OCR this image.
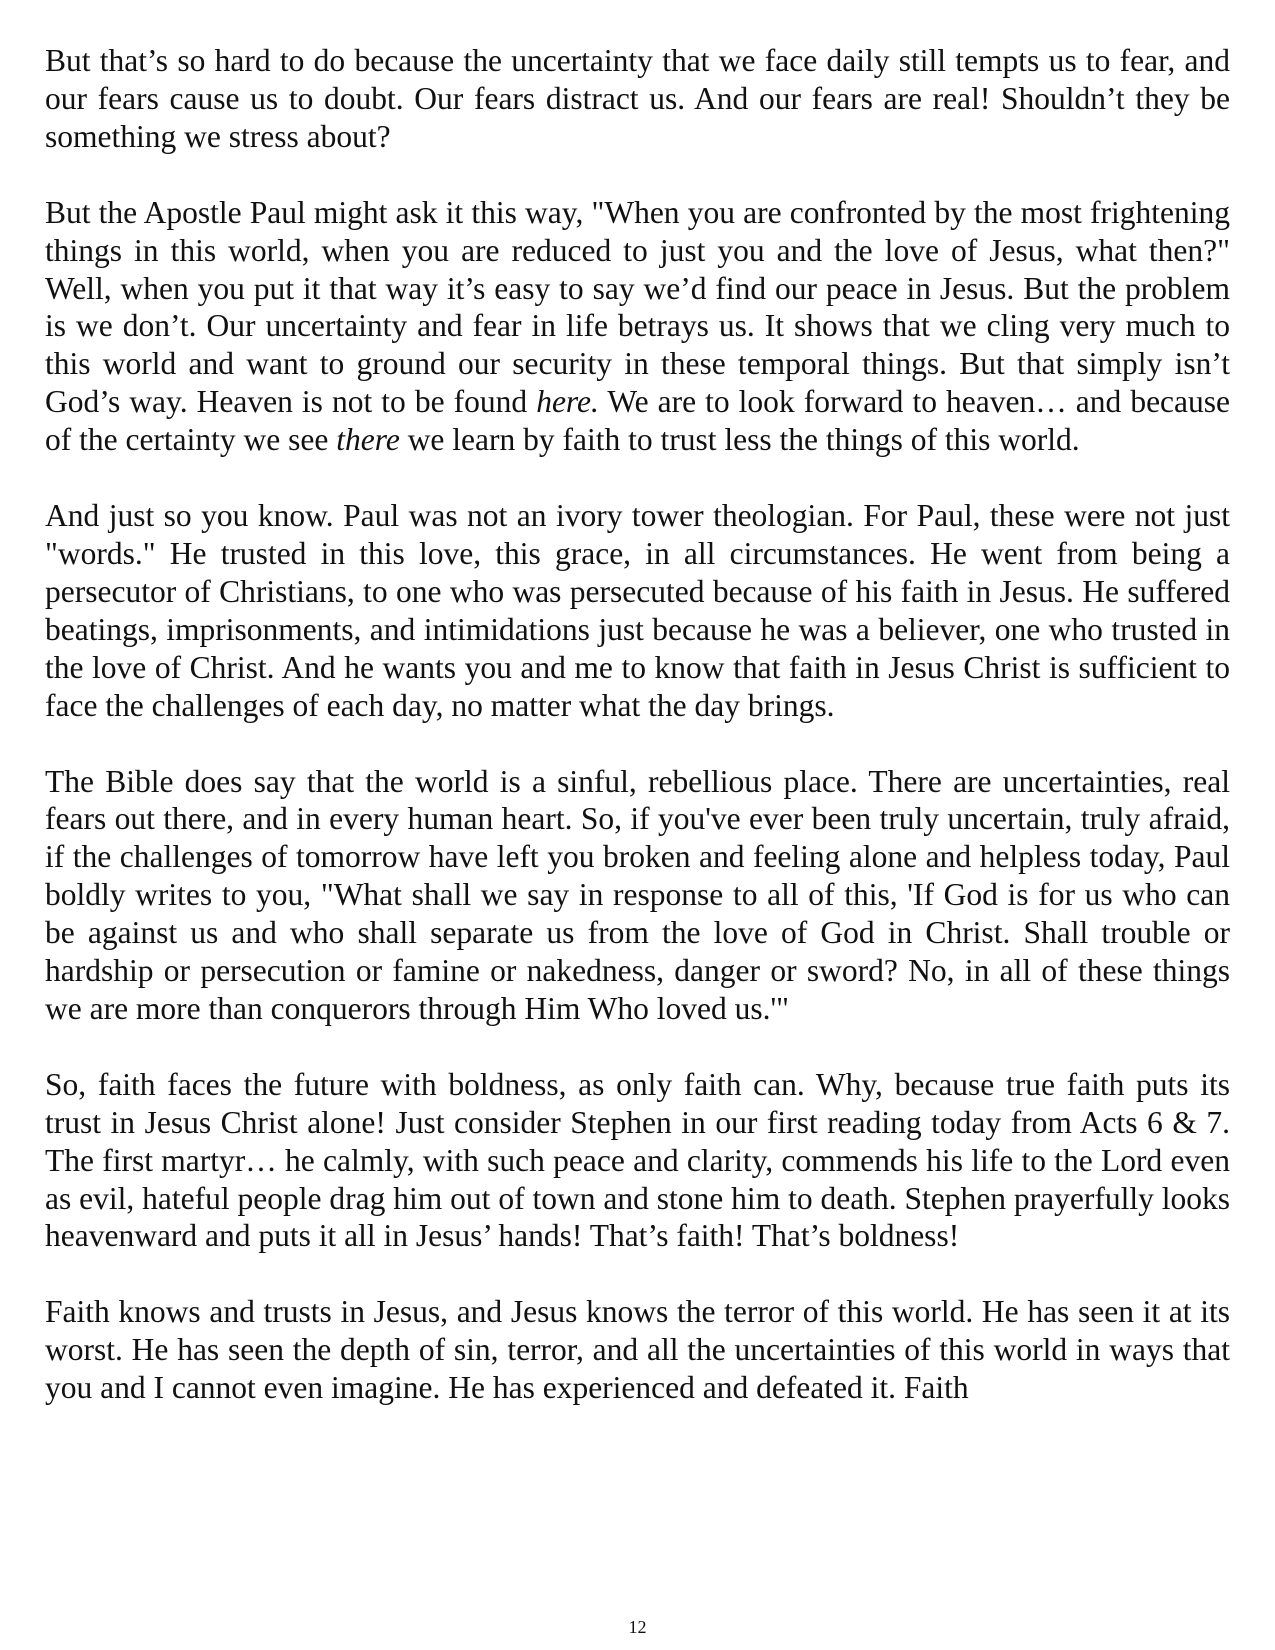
But that’s so hard to do because the uncertainty that we face daily still tempts us to fear, and our fears cause us to doubt. Our fears distract us. And our fears are real! Shouldn’t they be something we stress about?

But the Apostle Paul might ask it this way, "When you are confronted by the most frightening things in this world, when you are reduced to just you and the love of Jesus, what then?" Well, when you put it that way it’s easy to say we’d find our peace in Jesus. But the problem is we don’t. Our uncertainty and fear in life betrays us. It shows that we cling very much to this world and want to ground our security in these temporal things. But that simply isn’t God’s way. Heaven is not to be found here. We are to look forward to heaven… and because of the certainty we see there we learn by faith to trust less the things of this world.

And just so you know. Paul was not an ivory tower theologian. For Paul, these were not just "words." He trusted in this love, this grace, in all circumstances. He went from being a persecutor of Christians, to one who was persecuted because of his faith in Jesus. He suffered beatings, imprisonments, and intimidations just because he was a believer, one who trusted in the love of Christ. And he wants you and me to know that faith in Jesus Christ is sufficient to face the challenges of each day, no matter what the day brings.

The Bible does say that the world is a sinful, rebellious place. There are uncertainties, real fears out there, and in every human heart. So, if you've ever been truly uncertain, truly afraid, if the challenges of tomorrow have left you broken and feeling alone and helpless today, Paul boldly writes to you, "What shall we say in response to all of this, 'If God is for us who can be against us and who shall separate us from the love of God in Christ. Shall trouble or hardship or persecution or famine or nakedness, danger or sword? No, in all of these things we are more than conquerors through Him Who loved us.'"

So, faith faces the future with boldness, as only faith can. Why, because true faith puts its trust in Jesus Christ alone! Just consider Stephen in our first reading today from Acts 6 & 7. The first martyr… he calmly, with such peace and clarity, commends his life to the Lord even as evil, hateful people drag him out of town and stone him to death. Stephen prayerfully looks heavenward and puts it all in Jesus’ hands! That’s faith! That’s boldness!

Faith knows and trusts in Jesus, and Jesus knows the terror of this world. He has seen it at its worst. He has seen the depth of sin, terror, and all the uncertainties of this world in ways that you and I cannot even imagine. He has experienced and defeated it. Faith

12
